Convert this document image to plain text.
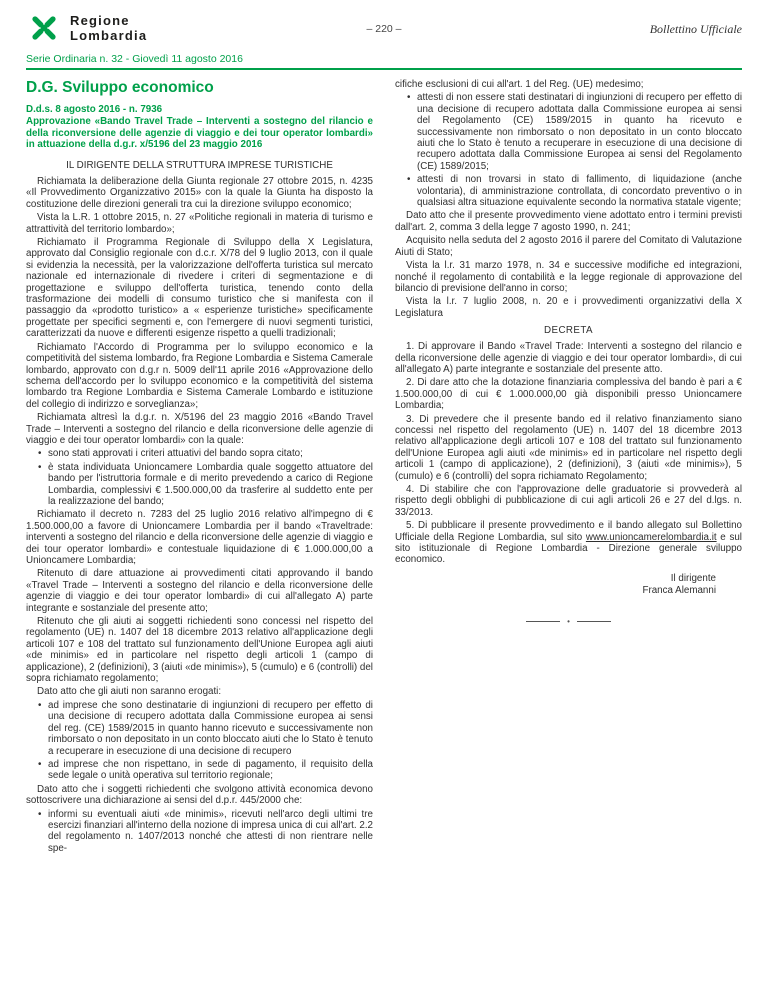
Regione
Lombardia	– 220 –	Bollettino Ufficiale
Serie Ordinaria n. 32 - Giovedì 11 agosto 2016
D.G. Sviluppo economico
D.d.s. 8 agosto 2016 - n. 7936
Approvazione «Bando Travel Trade – Interventi a sostegno del rilancio e della riconversione delle agenzie di viaggio e dei tour operator lombardi» in attuazione della d.g.r. x/5196 del 23 maggio 2016
IL DIRIGENTE DELLA STRUTTURA IMPRESE TURISTICHE
Richiamata la deliberazione della Giunta regionale 27 ottobre 2015, n. 4235 «Il Provvedimento Organizzativo 2015» con la quale la Giunta ha disposto la costituzione delle direzioni generali tra cui la direzione sviluppo economico;
Vista la L.R. 1 ottobre 2015, n. 27 «Politiche regionali in materia di turismo e attrattività del territorio lombardo»;
Richiamato il Programma Regionale di Sviluppo della X Legislatura, approvato dal Consiglio regionale con d.c.r. X/78 del 9 luglio 2013, con il quale si evidenzia la necessità, per la valorizzazione dell'offerta turistica sul mercato nazionale ed internazionale di rivedere i criteri di segmentazione e di progettazione e sviluppo dell'offerta turistica, tenendo conto della trasformazione dei modelli di consumo turistico che si manifesta con il passaggio da «prodotto turistico» a « esperienze turistiche» specificamente progettate per specifici segmenti e, con l'emergere di nuovi segmenti turistici, caratterizzati da nuove e differenti esigenze rispetto a quelli tradizionali;
Richiamato l'Accordo di Programma per lo sviluppo economico e la competitività del sistema lombardo, fra Regione Lombardia e Sistema Camerale lombardo, approvato con d.g.r n. 5009 dell'11 aprile 2016 «Approvazione dello schema dell'accordo per lo sviluppo economico e la competitività del sistema lombardo tra Regione Lombardia e Sistema Camerale Lombardo e istituzione del collegio di indirizzo e sorveglianza»;
Richiamata altresì la d.g.r. n. X/5196 del 23 maggio 2016 «Bando Travel Trade – Interventi a sostegno del rilancio e della riconversione delle agenzie di viaggio e dei tour operator lombardi» con la quale:
• sono stati approvati i criteri attuativi del bando sopra citato;
• è stata individuata Unioncamere Lombardia quale soggetto attuatore del bando per l'istruttoria formale e di merito prevedendo a carico di Regione Lombardia, complessivi € 1.500.000,00 da trasferire al suddetto ente per la realizzazione del bando;
Richiamato il decreto n. 7283 del 25 luglio 2016 relativo all'impegno di € 1.500.000,00 a favore di Unioncamere Lombardia per il bando «Traveltrade: interventi a sostegno del rilancio e della riconversione delle agenzie di viaggio e dei tour operator lombardi» e contestuale liquidazione di € 1.000.000,00 a Unioncamere Lombardia;
Ritenuto di dare attuazione ai provvedimenti citati approvando il bando «Travel Trade – Interventi a sostegno del rilancio e della riconversione delle agenzie di viaggio e dei tour operator lombardi» di cui all'allegato A) parte integrante e sostanziale del presente atto;
Ritenuto che gli aiuti ai soggetti richiedenti sono concessi nel rispetto del regolamento (UE) n. 1407 del 18 dicembre 2013 relativo all'applicazione degli articoli 107 e 108 del trattato sul funzionamento dell'Unione Europea agli aiuti «de minimis» ed in particolare nel rispetto degli articoli 1 (campo di applicazione), 2 (definizioni), 3 (aiuti «de minimis»), 5 (cumulo) e 6 (controlli) del sopra richiamato regolamento;
Dato atto che gli aiuti non saranno erogati:
• ad imprese che sono destinatarie di ingiunzioni di recupero per effetto di una decisione di recupero adottata dalla Commissione europea ai sensi del reg. (CE) 1589/2015 in quanto hanno ricevuto e successivamente non rimborsato o non depositato in un conto bloccato aiuti che lo Stato è tenuto a recuperare in esecuzione di una decisione di recupero
• ad imprese che non rispettano, in sede di pagamento, il requisito della sede legale o unità operativa sul territorio regionale;
Dato atto che i soggetti richiedenti che svolgono attività economica devono sottoscrivere una dichiarazione ai sensi del d.p.r. 445/2000 che:
• informi su eventuali aiuti «de minimis», ricevuti nell'arco degli ultimi tre esercizi finanziari all'interno della nozione di impresa unica di cui all'art. 2.2 del regolamento n. 1407/2013 nonché che attesti di non rientrare nelle spe-
cifiche esclusioni di cui all'art. 1 del Reg. (UE) medesimo;
• attesti di non essere stati destinatari di ingiunzioni di recupero per effetto di una decisione di recupero adottata dalla Commissione europea ai sensi del Regolamento (CE) 1589/2015 in quanto ha ricevuto e successivamente non rimborsato o non depositato in un conto bloccato aiuti che lo Stato è tenuto a recuperare in esecuzione di una decisione di recupero adottata dalla Commissione Europea ai sensi del Regolamento (CE) 1589/2015;
• attesti di non trovarsi in stato di fallimento, di liquidazione (anche volontaria), di amministrazione controllata, di concordato preventivo o in qualsiasi altra situazione equivalente secondo la normativa statale vigente;
Dato atto che il presente provvedimento viene adottato entro i termini previsti dall'art. 2, comma 3 della legge 7 agosto 1990, n. 241;
Acquisito nella seduta del 2 agosto 2016 il parere del Comitato di Valutazione Aiuti di Stato;
Vista la l.r. 31 marzo 1978, n. 34 e successive modifiche ed integrazioni, nonché il regolamento di contabilità e la legge regionale di approvazione del bilancio di previsione dell'anno in corso;
Vista la l.r. 7 luglio 2008, n. 20 e i provvedimenti organizzativi della X Legislatura
DECRETA
1. Di approvare il Bando «Travel Trade: Interventi a sostegno del rilancio e della riconversione delle agenzie di viaggio e dei tour operator lombardi», di cui all'allegato A) parte integrante e sostanziale del presente atto.
2. Di dare atto che la dotazione finanziaria complessiva del bando è pari a € 1.500.000,00 di cui € 1.000.000,00 già disponibili presso Unioncamere Lombardia;
3. Di prevedere che il presente bando ed il relativo finanziamento siano concessi nel rispetto del regolamento (UE) n. 1407 del 18 dicembre 2013 relativo all'applicazione degli articoli 107 e 108 del trattato sul funzionamento dell'Unione Europea agli aiuti «de minimis» ed in particolare nel rispetto degli articoli 1 (campo di applicazione), 2 (definizioni), 3 (aiuti «de minimis»), 5 (cumulo) e 6 (controlli) del sopra richiamato Regolamento;
4. Di stabilire che con l'approvazione delle graduatorie si provvederà al rispetto degli obblighi di pubblicazione di cui agli articoli 26 e 27 del d.lgs. n. 33/2013.
5. Di pubblicare il presente provvedimento e il bando allegato sul Bollettino Ufficiale della Regione Lombardia, sul sito www.unioncamerelombardia.it e sul sito istituzionale di Regione Lombardia - Direzione generale sviluppo economico.
Il dirigente
Franca Alemanni
•
